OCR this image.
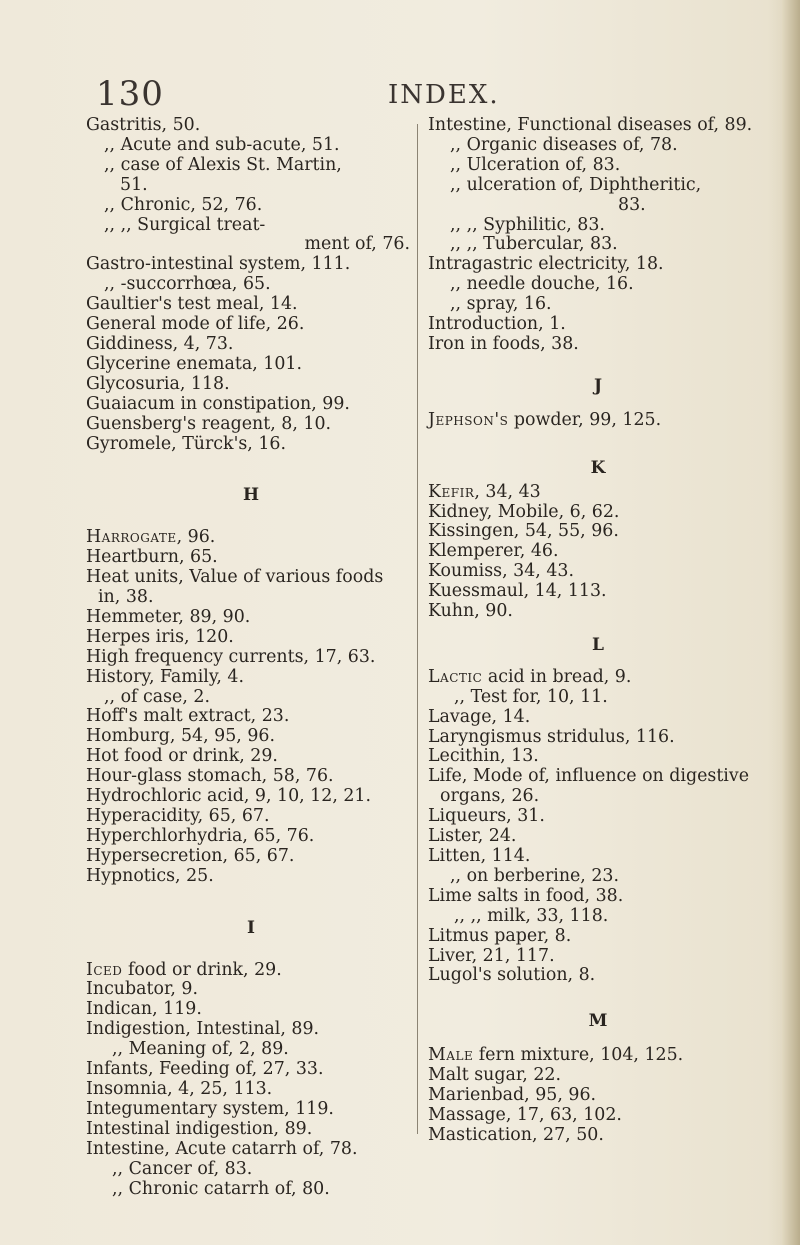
130	INDEX.
Gastritis, 50.
,, Acute and sub-acute, 51.
,, case of Alexis St. Martin,
51.
,, Chronic, 52, 76.
,, ,, Surgical treat-
ment of, 76.
Gastro-intestinal system, 111.
,, -succorrhœa, 65.
Gaultier's test meal, 14.
General mode of life, 26.
Giddiness, 4, 73.
Glycerine enemata, 101.
Glycosuria, 118.
Guaiacum in constipation, 99.
Guensberg's reagent, 8, 10.
Gyromele, Türck's, 16.
H
Harrogate, 96.
Heartburn, 65.
Heat units, Value of various foods
in, 38.
Hemmeter, 89, 90.
Herpes iris, 120.
High frequency currents, 17, 63.
History, Family, 4.
,, of case, 2.
Hoff's malt extract, 23.
Homburg, 54, 95, 96.
Hot food or drink, 29.
Hour-glass stomach, 58, 76.
Hydrochloric acid, 9, 10, 12, 21.
Hyperacidity, 65, 67.
Hyperchlorhydria, 65, 76.
Hypersecretion, 65, 67.
Hypnotics, 25.
I
Iced food or drink, 29.
Incubator, 9.
Indican, 119.
Indigestion, Intestinal, 89.
,, Meaning of, 2, 89.
Infants, Feeding of, 27, 33.
Insomnia, 4, 25, 113.
Integumentary system, 119.
Intestinal indigestion, 89.
Intestine, Acute catarrh of, 78.
,, Cancer of, 83.
,, Chronic catarrh of, 80.
Intestine, Functional diseases of, 89.
,, Organic diseases of, 78.
,, Ulceration of, 83.
,, ulceration of, Diphtheritic,
83.
,, ,, Syphilitic, 83.
,, ,, Tubercular, 83.
Intragastric electricity, 18.
,, needle douche, 16.
,, spray, 16.
Introduction, 1.
Iron in foods, 38.
J
Jephson's powder, 99, 125.
K
Kefir, 34, 43
Kidney, Mobile, 6, 62.
Kissingen, 54, 55, 96.
Klemperer, 46.
Koumiss, 34, 43.
Kuessmaul, 14, 113.
Kuhn, 90.
L
Lactic acid in bread, 9.
,, Test for, 10, 11.
Lavage, 14.
Laryngismus stridulus, 116.
Lecithin, 13.
Life, Mode of, influence on digestive
organs, 26.
Liqueurs, 31.
Lister, 24.
Litten, 114.
,, on berberine, 23.
Lime salts in food, 38.
,, ,, milk, 33, 118.
Litmus paper, 8.
Liver, 21, 117.
Lugol's solution, 8.
M
Male fern mixture, 104, 125.
Malt sugar, 22.
Marienbad, 95, 96.
Massage, 17, 63, 102.
Mastication, 27, 50.
